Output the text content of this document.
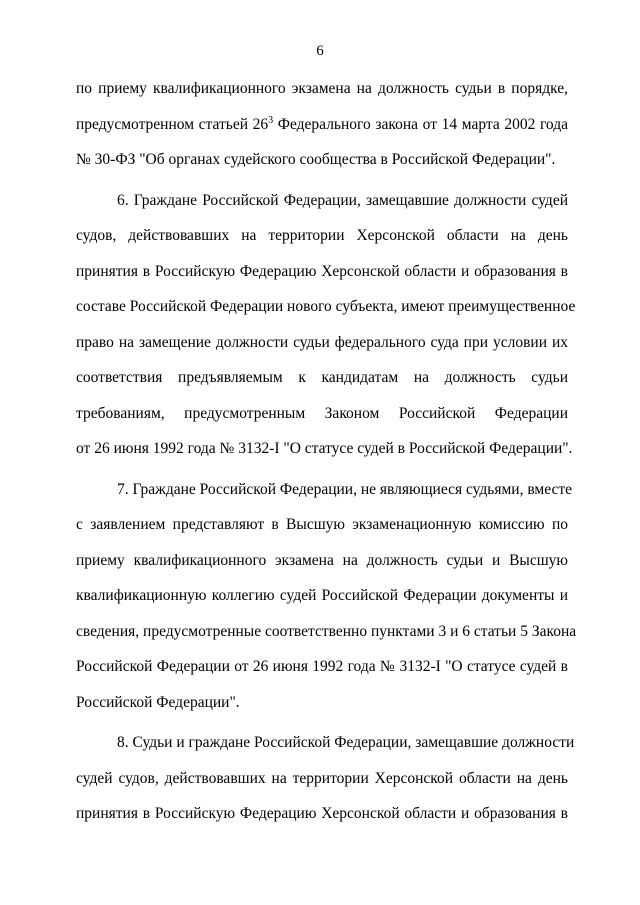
6
по приему квалификационного экзамена на должность судьи в порядке,
предусмотренном статьей $26^3$ Федерального закона от 14 марта 2002 года
№ 30-ФЗ "Об органах судейского сообщества в Российской Федерации".
6. Граждане Российской Федерации, замещавшие должности судей
судов, действовавших на территории Херсонской области на день
принятия в Российскую Федерацию Херсонской области и образования в
составе Российской Федерации нового субъекта, имеют преимущественное
право на замещение должности судьи федерального суда при условии их
соответствия предъявляемым к кандидатам на должность судьи
требованиям, предусмотренным Законом Российской Федерации
от 26 июня 1992 года № 3132-I "О статусе судей в Российской Федерации".
7. Граждане Российской Федерации, не являющиеся судьями, вместе
с заявлением представляют в Высшую экзаменационную комиссию по
приему квалификационного экзамена на должность судьи и Высшую
квалификационную коллегию судей Российской Федерации документы и
сведения, предусмотренные соответственно пунктами 3 и 6 статьи 5 Закона
Российской Федерации от 26 июня 1992 года № 3132-I "О статусе судей в
Российской Федерации".
8. Судьи и граждане Российской Федерации, замещавшие должности
судей судов, действовавших на территории Херсонской области на день
принятия в Российскую Федерацию Херсонской области и образования в
